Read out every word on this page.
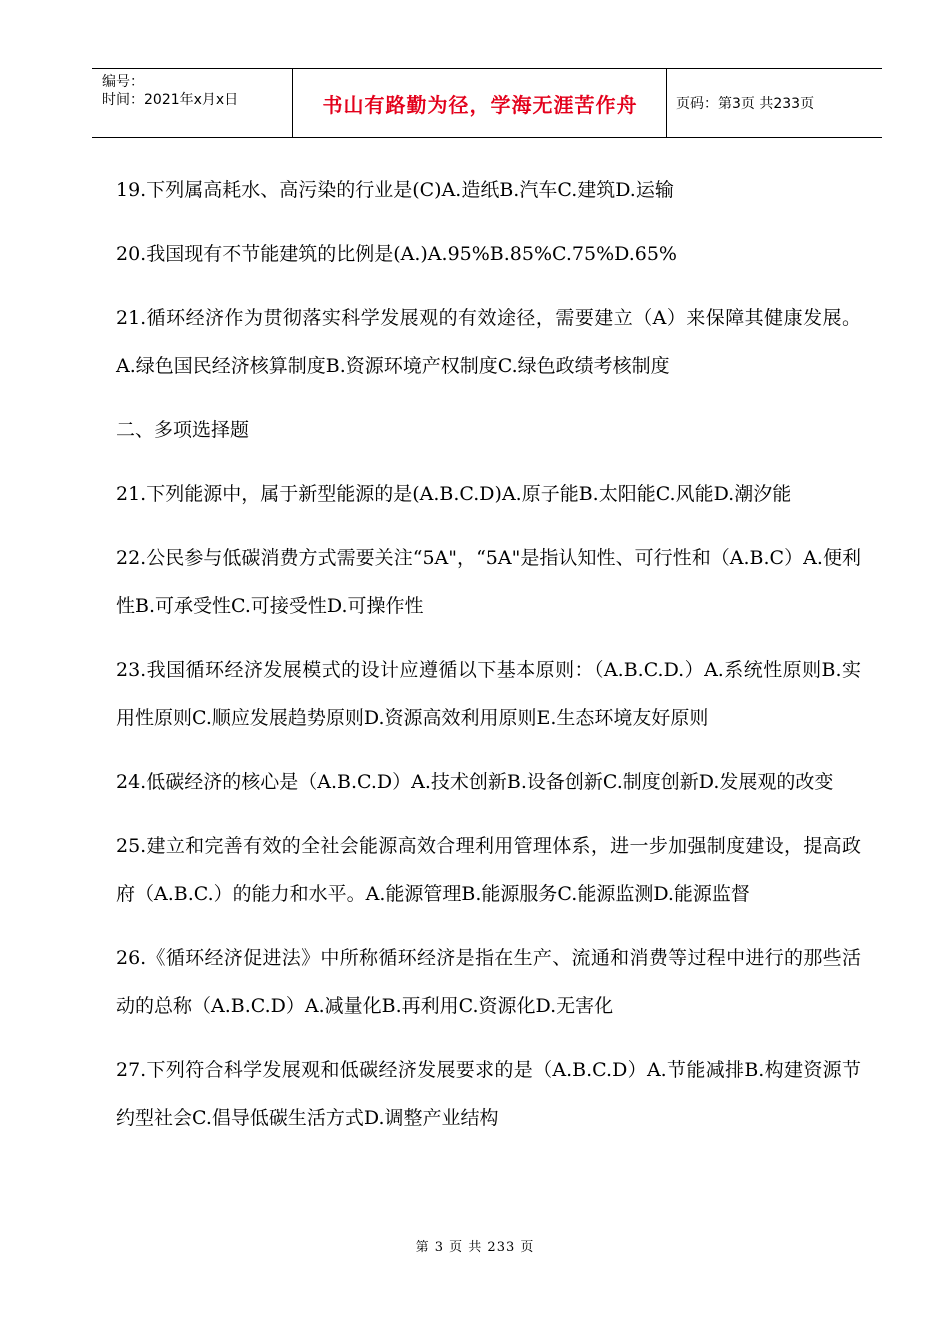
编号：
时间：2021年x月x日	书山有路勤为径，学海无涯苦作舟	页码：第3页 共233页

19.下列属高耗水、高污染的行业是(C)A.造纸B.汽车C.建筑D.运输

20.我国现有不节能建筑的比例是(A.)A.95%B.85%C.75%D.65%

21.循环经济作为贯彻落实科学发展观的有效途径，需要建立（A）来保障其健康发展。A.绿色国民经济核算制度B.资源环境产权制度C.绿色政绩考核制度

二、多项选择题

21.下列能源中，属于新型能源的是(A.B.C.D)A.原子能B.太阳能C.风能D.潮汐能

22.公民参与低碳消费方式需要关注“5A"，“5A"是指认知性、可行性和（A.B.C）A.便利性B.可承受性C.可接受性D.可操作性

23.我国循环经济发展模式的设计应遵循以下基本原则：（A.B.C.D.）A.系统性原则B.实用性原则C.顺应发展趋势原则D.资源高效利用原则E.生态环境友好原则

24.低碳经济的核心是（A.B.C.D）A.技术创新B.设备创新C.制度创新D.发展观的改变

25.建立和完善有效的全社会能源高效合理利用管理体系，进一步加强制度建设，提高政府（A.B.C.）的能力和水平。A.能源管理B.能源服务C.能源监测D.能源监督

26.《循环经济促进法》中所称循环经济是指在生产、流通和消费等过程中进行的那些活动的总称（A.B.C.D）A.减量化B.再利用C.资源化D.无害化

27.下列符合科学发展观和低碳经济发展要求的是（A.B.C.D）A.节能减排B.构建资源节约型社会C.倡导低碳生活方式D.调整产业结构

第 3 页 共 233 页
